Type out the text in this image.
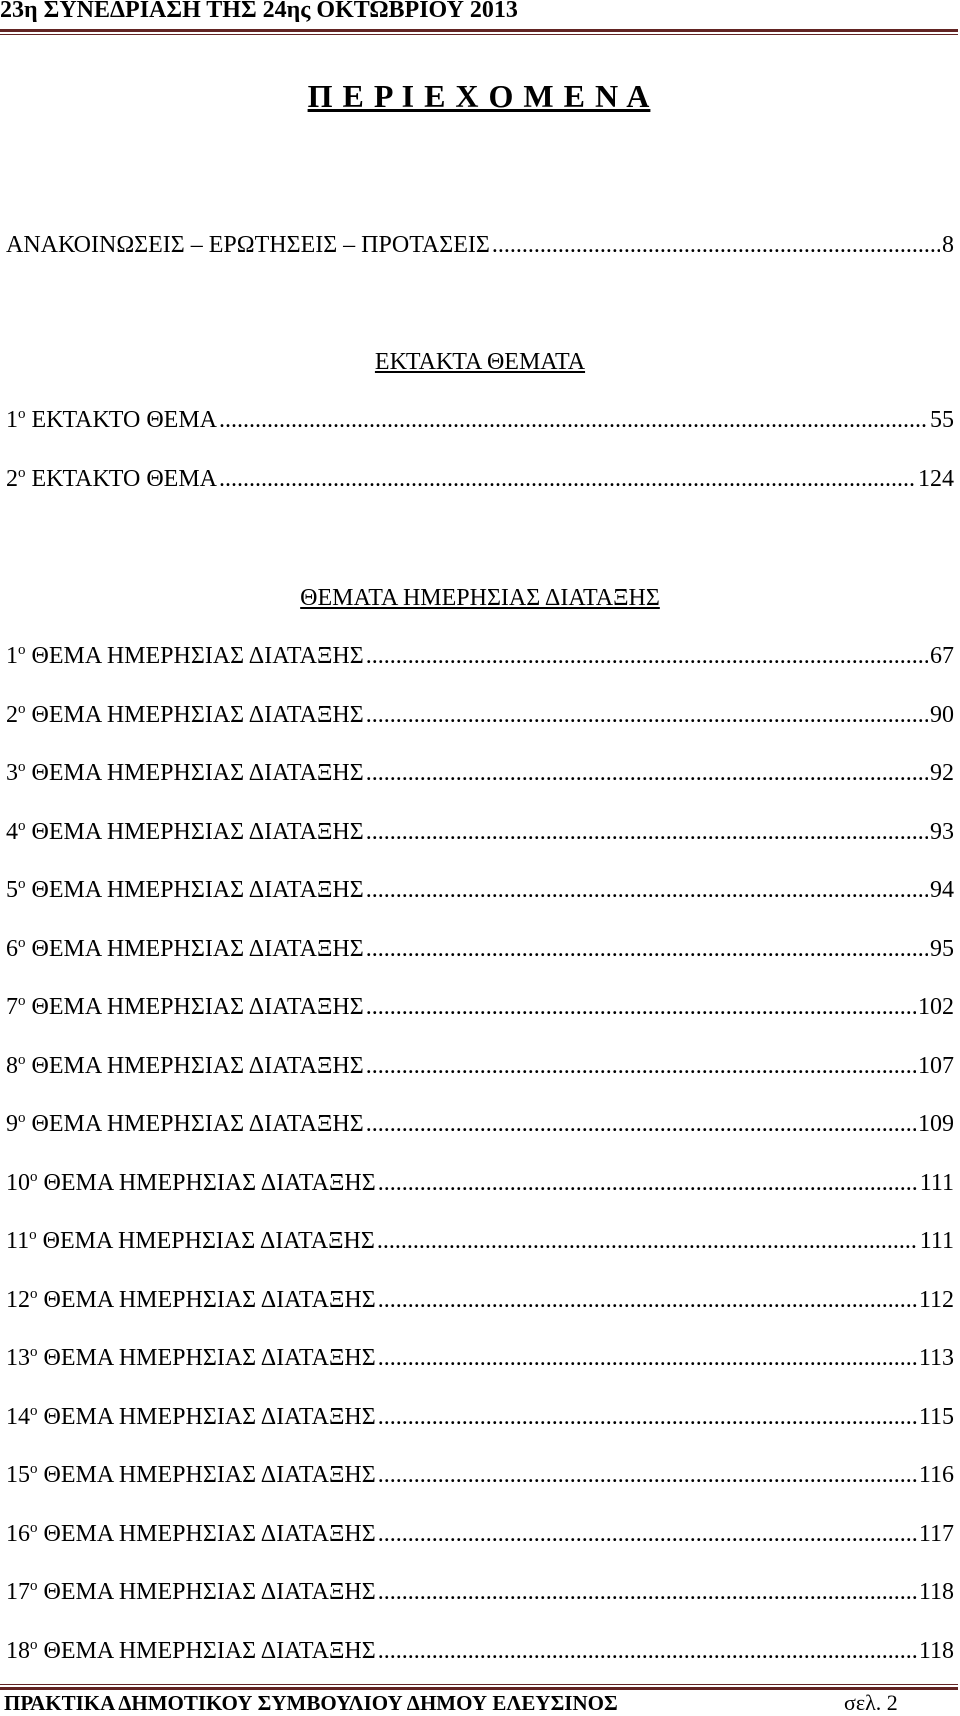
23η ΣΥΝΕΔΡΙΑΣΗ ΤΗΣ 24ης ΟΚΤΩΒΡΙΟΥ 2013
Π Ε Ρ Ι Ε Χ Ο Μ Ε Ν Α
ΑΝΑΚΟΙΝΩΣΕΙΣ – ΕΡΩΤΗΣΕΙΣ – ΠΡΟΤΑΣΕΙΣ .....	8
ΕΚΤΑΚΤΑ ΘΕΜΑΤΑ
$1^o$ ΕΚΤΑΚΤΟ ΘΕΜΑ .....	55
$2^o$ ΕΚΤΑΚΤΟ ΘΕΜΑ .....	124
ΘΕΜΑΤΑ ΗΜΕΡΗΣΙΑΣ ΔΙΑΤΑΞΗΣ
$1^o$ ΘΕΜΑ ΗΜΕΡΗΣΙΑΣ ΔΙΑΤΑΞΗΣ .....	67
$2^o$ ΘΕΜΑ ΗΜΕΡΗΣΙΑΣ ΔΙΑΤΑΞΗΣ .....	90
$3^o$ ΘΕΜΑ ΗΜΕΡΗΣΙΑΣ ΔΙΑΤΑΞΗΣ .....	92
$4^o$ ΘΕΜΑ ΗΜΕΡΗΣΙΑΣ ΔΙΑΤΑΞΗΣ .....	93
$5^o$ ΘΕΜΑ ΗΜΕΡΗΣΙΑΣ ΔΙΑΤΑΞΗΣ .....	94
$6^o$ ΘΕΜΑ ΗΜΕΡΗΣΙΑΣ ΔΙΑΤΑΞΗΣ .....	95
$7^o$ ΘΕΜΑ ΗΜΕΡΗΣΙΑΣ ΔΙΑΤΑΞΗΣ .....	102
$8^o$ ΘΕΜΑ ΗΜΕΡΗΣΙΑΣ ΔΙΑΤΑΞΗΣ .....	107
$9^o$ ΘΕΜΑ ΗΜΕΡΗΣΙΑΣ ΔΙΑΤΑΞΗΣ .....	109
$10^o$ ΘΕΜΑ ΗΜΕΡΗΣΙΑΣ ΔΙΑΤΑΞΗΣ .....	111
$11^o$ ΘΕΜΑ ΗΜΕΡΗΣΙΑΣ ΔΙΑΤΑΞΗΣ .....	111
$12^o$ ΘΕΜΑ ΗΜΕΡΗΣΙΑΣ ΔΙΑΤΑΞΗΣ .....	112
$13^o$ ΘΕΜΑ ΗΜΕΡΗΣΙΑΣ ΔΙΑΤΑΞΗΣ .....	113
$14^o$ ΘΕΜΑ ΗΜΕΡΗΣΙΑΣ ΔΙΑΤΑΞΗΣ .....	115
$15^o$ ΘΕΜΑ ΗΜΕΡΗΣΙΑΣ ΔΙΑΤΑΞΗΣ .....	116
$16^o$ ΘΕΜΑ ΗΜΕΡΗΣΙΑΣ ΔΙΑΤΑΞΗΣ .....	117
$17^o$ ΘΕΜΑ ΗΜΕΡΗΣΙΑΣ ΔΙΑΤΑΞΗΣ .....	118
$18^o$ ΘΕΜΑ ΗΜΕΡΗΣΙΑΣ ΔΙΑΤΑΞΗΣ .....	118
ΠΡΑΚΤΙΚΑ ΔΗΜΟΤΙΚΟΥ ΣΥΜΒΟΥΛΙΟΥ ΔΗΜΟΥ ΕΛΕΥΣΙΝΟΣ	σελ. 2
